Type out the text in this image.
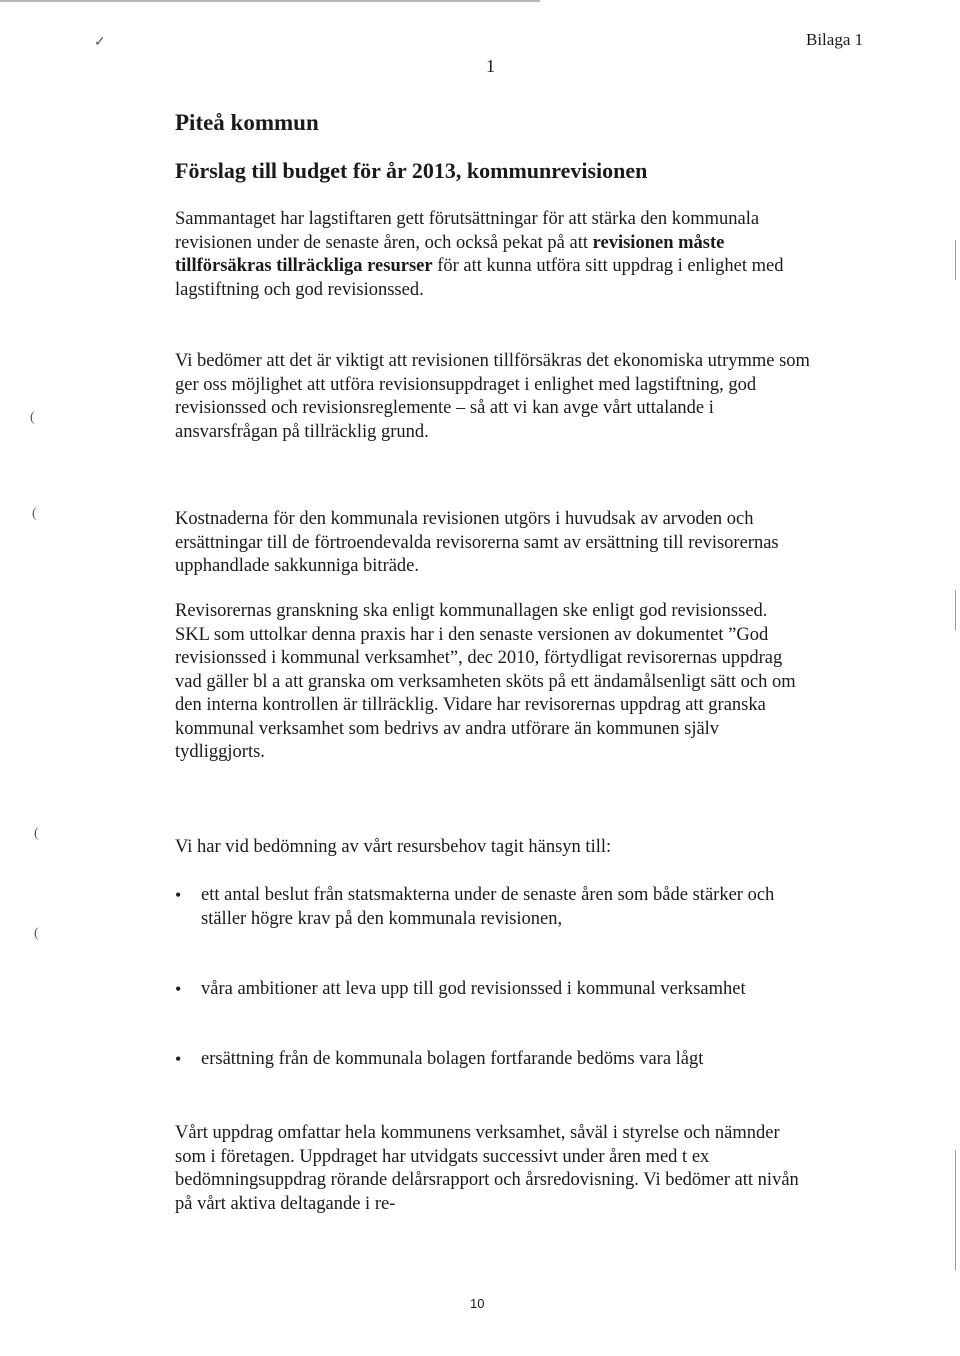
✓
(
(
(
(
Bilaga 1
1
Piteå kommun
Förslag till budget för år 2013, kommunrevisionen

Sammantaget har lagstiftaren gett förutsättningar för att stärka den kommunala revisionen under de senaste åren, och också pekat på att revisionen måste tillförsäkras tillräckliga resurser för att kunna utföra sitt uppdrag i enlighet med lagstiftning och god revisionssed.

Vi bedömer att det är viktigt att revisionen tillförsäkras det ekonomiska utrymme som ger oss möjlighet att utföra revisionsuppdraget i enlighet med lagstiftning, god revisionssed och revisionsreglemente – så att vi kan avge vårt uttalande i ansvarsfrågan på tillräcklig grund.

Kostnaderna för den kommunala revisionen utgörs i huvudsak av arvoden och ersättningar till de förtroendevalda revisorerna samt av ersättning till revisorernas upphandlade sakkunniga biträde.

Revisorernas granskning ska enligt kommunallagen ske enligt god revisionssed. SKL som uttolkar denna praxis har i den senaste versionen av dokumentet ”God revisionssed i kommunal verksamhet”, dec 2010, förtydligat revisorernas uppdrag vad gäller bl a att granska om verksamheten sköts på ett ändamålsenligt sätt och om den interna kontrollen är tillräcklig. Vidare har revisorernas uppdrag att granska kommunal verksamhet som bedrivs av andra utförare än kommunen själv tydliggjorts.

Vi har vid bedömning av vårt resursbehov tagit hänsyn till:

•	ett antal beslut från statsmakterna under de senaste åren som både stärker och ställer högre krav på den kommunala revisionen,
•	våra ambitioner att leva upp till god revisionssed i kommunal verksamhet
•	ersättning från de kommunala bolagen fortfarande bedöms vara lågt

Vårt uppdrag omfattar hela kommunens verksamhet, såväl i styrelse och nämnder som i företagen. Uppdraget har utvidgats successivt under åren med t ex bedömningsuppdrag rörande delårsrapport och årsredovisning. Vi bedömer att nivån på vårt aktiva deltagande i re-

10
